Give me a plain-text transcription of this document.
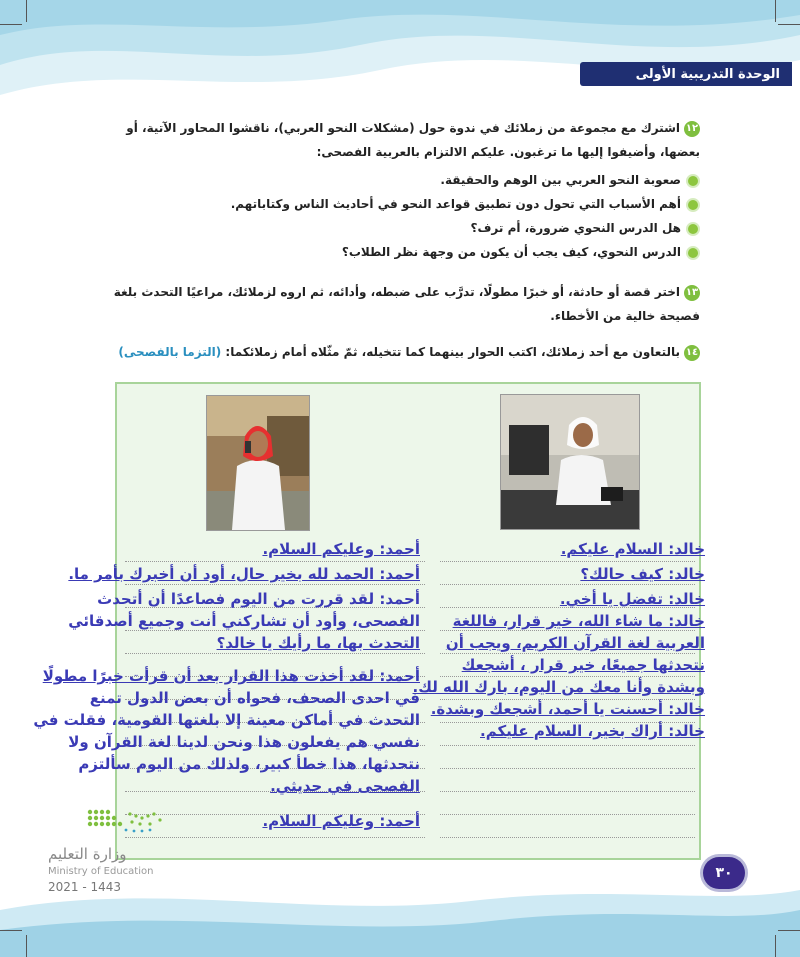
الوحدة التدريبية الأولى
١٢اشترك مع مجموعة من زملائك في ندوة حول (مشكلات النحو العربي)، ناقشوا المحاور الآتية، أو
بعضها، وأضيفوا إليها ما ترغبون. عليكم الالتزام بالعربية الفصحى:
صعوبة النحو العربي بين الوهم والحقيقة.
أهم الأسباب التي تحول دون تطبيق قواعد النحو في أحاديث الناس وكتاباتهم.
هل الدرس النحوي ضرورة، أم ترف؟
الدرس النحوي، كيف يجب أن يكون من وجهة نظر الطلاب؟
١٣اختر قصة أو حادثة، أو خبرًا مطولًا، تدرَّب على ضبطه، وأدائه، ثم اروه لزملائك، مراعيًا التحدث بلغة
فصيحة خالية من الأخطاء.
١٤بالتعاون مع أحد زملائك، اكتب الحوار بينهما كما تتخيله، ثمّ مثّلاه أمام زملائكما: (التزما بالفصحى)
خالد: السلام عليكم.
خالد: كيف حالك؟
خالد: تفضل يا أخي.
خالد: ما شاء الله، خير قرار، فاللغة
العربية لغة القرآن الكريم، ويجب أن
نتحدثها جميعًا، خير قرار ، أشجعك
وبشدة وأنا معك من اليوم، بارك الله لك.
خالد: أحسنت يا أحمد، أشجعك وبشدة.
خالد: أراك بخير، السلام عليكم.
أحمد: وعليكم السلام.
أحمد: الحمد لله بخير حال، أود أن أخبرك بأمر ما.
أحمد: لقد قررت من اليوم فصاعدًا أن أتحدث
الفصحى، وأود أن تشاركني أنت وجميع أصدقائي
التحدث بها، ما رأيك يا خالد؟
أحمد: لقد أخذت هذا القرار بعد أن قرأت خبرًا مطولًا
في احدى الصحف، فحواه أن بعض الدول تمنع
التحدث في أماكن معينة إلا بلغتها القومية، فقلت في
نفسي هم يفعلون هذا ونحن لدينا لغة القرآن ولا
نتحدثها، هذا خطأ كبير، ولذلك من اليوم سألتزم
الفصحى في حديثي.
أحمد: وعليكم السلام.
وزارة التعليم
Ministry of Education
2021 - 1443
٣٠
